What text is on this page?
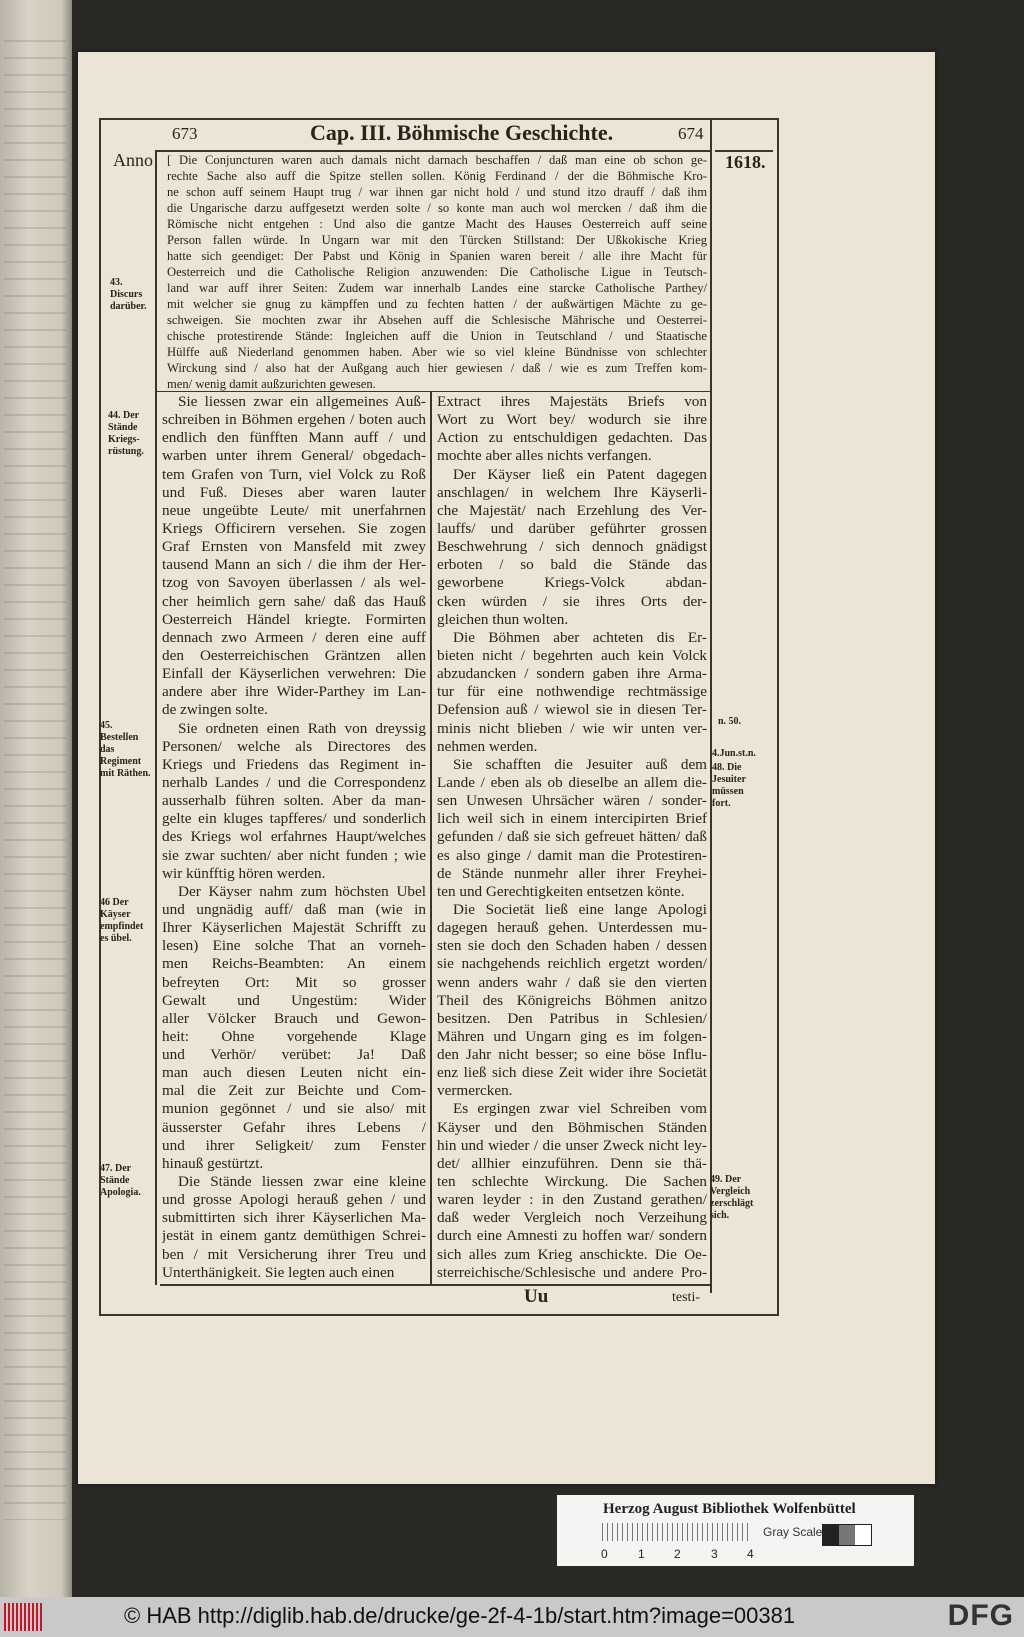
673	Cap. III. Böhmische Geschichte.	674
Anno	1618.
43. Discurs darüber.
44. Der Stände Kriegs-rüstung.
45. Bestellen das Regiment mit Räthen.
46 Der Käyser empfindet es übel.
47. Der Stände Apologia.
n. 50.
4.Jun.st.n.
48. Die Jesuiter müssen fort.
49. Der Vergleich zerschlägt sich.
[ Die Conjuncturen waren auch damals nicht darnach beschaffen / daß man eine ob schon ge-
rechte Sache also auff die Spitze stellen sollen. König Ferdinand / der die Böhmische Kro-
ne schon auff seinem Haupt trug / war ihnen gar nicht hold / und stund itzo drauff / daß ihm
die Ungarische darzu auffgesetzt werden solte / so konte man auch wol mercken / daß ihm die
Römische nicht entgehen : Und also die gantze Macht des Hauses Oesterreich auff seine
Person fallen würde. In Ungarn war mit den Türcken Stillstand: Der Ußkokische Krieg
hatte sich geendiget: Der Pabst und König in Spanien waren bereit / alle ihre Macht für
Oesterreich und die Catholische Religion anzuwenden: Die Catholische Ligue in Teutsch-
land war auff ihrer Seiten: Zudem war innerhalb Landes eine starcke Catholische Parthey/
mit welcher sie gnug zu kämpffen und zu fechten hatten / der außwärtigen Mächte zu ge-
schweigen. Sie mochten zwar ihr Absehen auff die Schlesische Mährische und Oesterrei-
chische protestirende Stände: Ingleichen auff die Union in Teutschland / und Staatische
Hülffe auß Niederland genommen haben. Aber wie so viel kleine Bündnisse von schlechter
Wirckung sind / also hat der Außgang auch hier gewiesen / daß / wie es zum Treffen kom-
men/ wenig damit außzurichten gewesen.
Sie liessen zwar ein allgemeines Auß-
schreiben in Böhmen ergehen / boten auch
endlich den fünfften Mann auff / und
warben unter ihrem General/ obgedach-
tem Grafen von Turn, viel Volck zu Roß
und Fuß. Dieses aber waren lauter
neue ungeübte Leute/ mit unerfahrnen
Kriegs Officirern versehen. Sie zogen
Graf Ernsten von Mansfeld mit zwey
tausend Mann an sich / die ihm der Her-
tzog von Savoyen überlassen / als wel-
cher heimlich gern sahe/ daß das Hauß
Oesterreich Händel kriegte. Formirten
dennach zwo Armeen / deren eine auff
den Oesterreichischen Gräntzen allen
Einfall der Käyserlichen verwehren: Die
andere aber ihre Wider-Parthey im Lan-
de zwingen solte.
Sie ordneten einen Rath von dreyssig
Personen/ welche als Directores des
Kriegs und Friedens das Regiment in-
nerhalb Landes / und die Correspondenz
ausserhalb führen solten. Aber da man-
gelte ein kluges tapfferes/ und sonderlich
des Kriegs wol erfahrnes Haupt/welches
sie zwar suchten/ aber nicht funden ; wie
wir künfftig hören werden.
Der Käyser nahm zum höchsten Ubel
und ungnädig auff/ daß man (wie in
Ihrer Käyserlichen Majestät Schrifft zu
lesen) Eine solche That an vorneh-
men Reichs-Beambten: An einem
befreyten Ort: Mit so grosser
Gewalt und Ungestüm: Wider
aller Völcker Brauch und Gewon-
heit: Ohne vorgehende Klage
und Verhör/ verübet: Ja! Daß
man auch diesen Leuten nicht ein-
mal die Zeit zur Beichte und Com-
munion gegönnet / und sie also/ mit
äusserster Gefahr ihres Lebens /
und ihrer Seligkeit/ zum Fenster
hinauß gestürtzt.
Die Stände liessen zwar eine kleine
und grosse Apologi herauß gehen / und
submittirten sich ihrer Käyserlichen Ma-
jestät in einem gantz demüthigen Schrei-
ben / mit Versicherung ihrer Treu und
Unterthänigkeit. Sie legten auch einen
Extract ihres Majestäts Briefs von
Wort zu Wort bey/ wodurch sie ihre
Action zu entschuldigen gedachten. Das
mochte aber alles nichts verfangen.
Der Käyser ließ ein Patent dagegen
anschlagen/ in welchem Ihre Käyserli-
che Majestät/ nach Erzehlung des Ver-
lauffs/ und darüber geführter grossen
Beschwehrung / sich dennoch gnädigst
erboten / so bald die Stände das
geworbene Kriegs-Volck abdan-
cken würden / sie ihres Orts der-
gleichen thun wolten.
Die Böhmen aber achteten dis Er-
bieten nicht / begehrten auch kein Volck
abzudancken / sondern gaben ihre Arma-
tur für eine nothwendige rechtmässige
Defension auß / wiewol sie in diesen Ter-
minis nicht blieben / wie wir unten ver-
nehmen werden.
Sie schafften die Jesuiter auß dem
Lande / eben als ob dieselbe an allem die-
sen Unwesen Uhrsächer wären / sonder-
lich weil sich in einem intercipirten Brief
gefunden / daß sie sich gefreuet hätten/ daß
es also ginge / damit man die Protestiren-
de Stände nunmehr aller ihrer Freyhei-
ten und Gerechtigkeiten entsetzen könte.
Die Societät ließ eine lange Apologi
dagegen herauß gehen. Unterdessen mu-
sten sie doch den Schaden haben / dessen
sie nachgehends reichlich ergetzt worden/
wenn anders wahr / daß sie den vierten
Theil des Königreichs Böhmen anitzo
besitzen. Den Patribus in Schlesien/
Mähren und Ungarn ging es im folgen-
den Jahr nicht besser; so eine böse Influ-
enz ließ sich diese Zeit wider ihre Societät
vermercken.
Es ergingen zwar viel Schreiben vom
Käyser und den Böhmischen Ständen
hin und wieder / die unser Zweck nicht ley-
det/ allhier einzuführen. Denn sie thä-
ten schlechte Wirckung. Die Sachen
waren leyder : in den Zustand gerathen/
daß weder Vergleich noch Verzeihung
durch eine Amnesti zu hoffen war/ sondern
sich alles zum Krieg anschickte. Die Oe-
sterreichische/Schlesische und andere Pro-
Uu	testi-
Herzog August Bibliothek Wolfenbüttel
0	1 2	3 4
Gray Scale
© HAB http://diglib.hab.de/drucke/ge-2f-4-1b/start.htm?image=00381	DFG
